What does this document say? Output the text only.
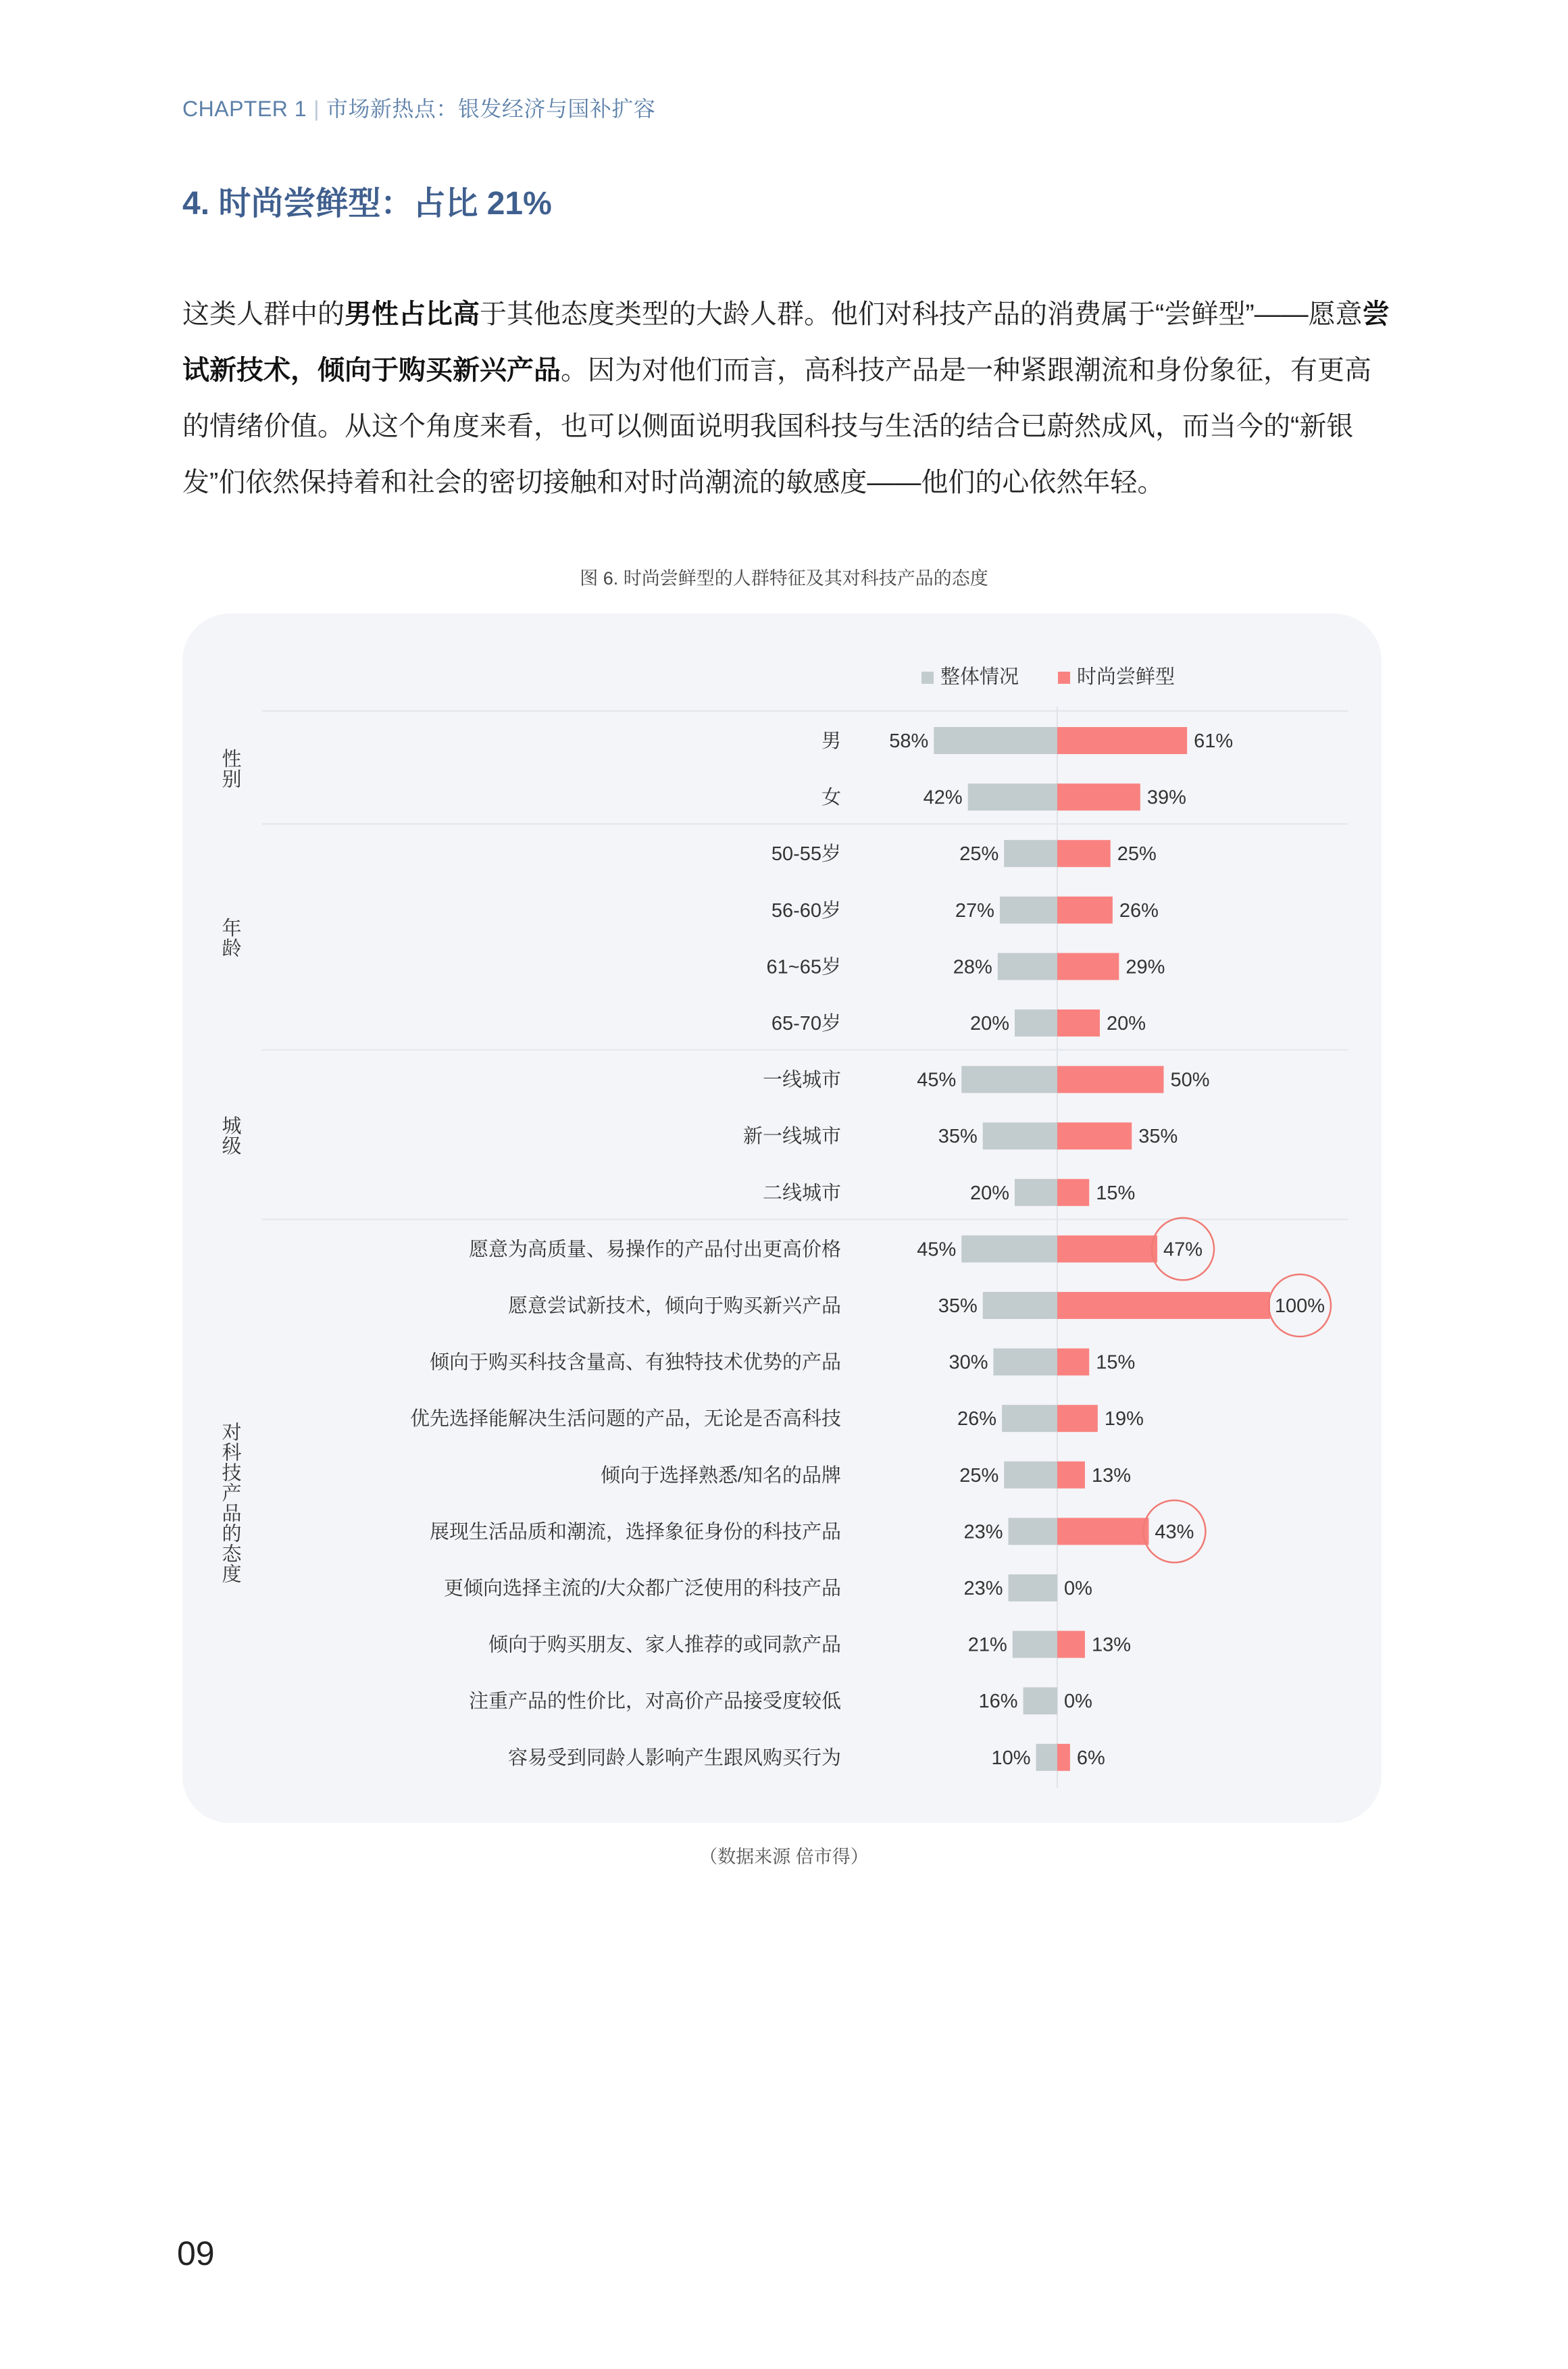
CHAPTER 1 | 市场新热点：银发经济与国补扩容
4. 时尚尝鲜型：占比 21%
这类人群中的男性占比高于其他态度类型的大龄人群。他们对科技产品的消费属于“尝鲜型”——愿意尝试新技术，倾向于购买新兴产品。因为对他们而言，高科技产品是一种紧跟潮流和身份象征，有更高的情绪价值。从这个角度来看，也可以侧面说明我国科技与生活的结合已蔚然成风，而当今的“新银发”们依然保持着和社会的密切接触和对时尚潮流的敏感度——他们的心依然年轻。
图 6. 时尚尝鲜型的人群特征及其对科技产品的态度
整体情况	时尚尝鲜型
男 58%	61%
女	42%	39%
性别
50-55岁	25%	25%
56-60岁	27%	26%
61~65岁	28%	29%
65-70岁	20%	20%
年龄
一线城市	45%	50%
新一线城市	35%	35%
二线城市	20%	15%
城级
愿意为高质量、易操作的产品付出更高价格	45%	47%
愿意尝试新技术，倾向于购买新兴产品	35%	100%
倾向于购买科技含量高、有独特技术优势的产品	30%	15%
优先选择能解决生活问题的产品，无论是否高科技	26%	19%
倾向于选择熟悉/知名的品牌	25%	13%
展现生活品质和潮流，选择象征身份的科技产品	23%	43%
更倾向选择主流的/大众都广泛使用的科技产品	23%	0%
倾向于购买朋友、家人推荐的或同款产品	21%	13%
注重产品的性价比，对高价产品接受度较低	16% 0%
容易受到同龄人影响产生跟风购买行为	10% 6%
对科技产品的态度
（数据来源 倍市得）
09
